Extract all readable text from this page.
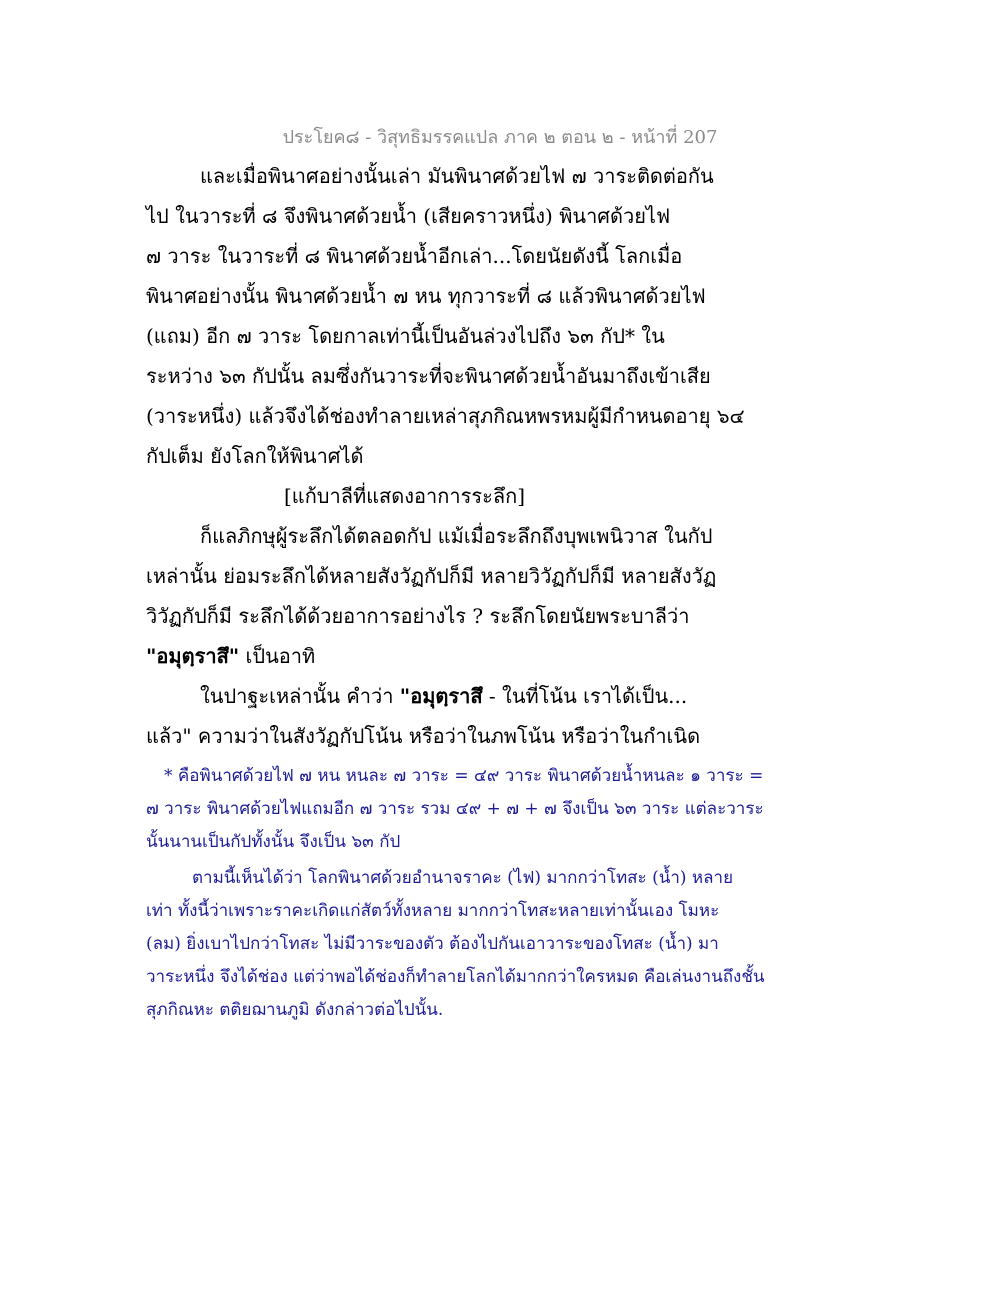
ประโยค๘ - วิสุทธิมรรคแปล ภาค ๒ ตอน ๒ - หน้าที่ 207
และเมื่อพินาศอย่างนั้นเล่า มันพินาศด้วยไฟ ๗ วาระติดต่อกัน
ไป ในวาระที่ ๘ จึงพินาศด้วยน้ำ (เสียคราวหนึ่ง) พินาศด้วยไฟ
๗ วาระ ในวาระที่ ๘ พินาศด้วยน้ำอีกเล่า...โดยนัยดังนี้ โลกเมื่อ
พินาศอย่างนั้น พินาศด้วยน้ำ ๗ หน ทุกวาระที่ ๘ แล้วพินาศด้วยไฟ
(แถม) อีก ๗ วาระ โดยกาลเท่านี้เป็นอันล่วงไปถึง ๖๓ กัป* ใน
ระหว่าง ๖๓ กัปนั้น ลมซึ่งกันวาระที่จะพินาศด้วยน้ำอันมาถึงเข้าเสีย
(วาระหนึ่ง) แล้วจึงได้ช่องทำลายเหล่าสุภกิณหพรหมผู้มีกำหนดอายุ ๖๔
กัปเต็ม ยังโลกให้พินาศได้
[แก้บาลีที่แสดงอาการระลึก]
ก็แลภิกษุผู้ระลึกได้ตลอดกัป แม้เมื่อระลึกถึงบุพเพนิวาส ในกัป
เหล่านั้น ย่อมระลึกได้หลายสังวัฏกัปก็มี หลายวิวัฏกัปก็มี หลายสังวัฏ
วิวัฏกัปก็มี ระลึกได้ด้วยอาการอย่างไร ? ระลึกโดยนัยพระบาลีว่า
"อมุตฺราสึ" เป็นอาทิ
ในปาฐะเหล่านั้น คำว่า "อมุตฺราสึ - ในที่โน้น เราได้เป็น...
แล้ว" ความว่าในสังวัฏกัปโน้น หรือว่าในภพโน้น หรือว่าในกำเนิด
* คือพินาศด้วยไฟ ๗ หน หนละ ๗ วาระ = ๔๙ วาระ พินาศด้วยน้ำหนละ ๑ วาระ =
๗ วาระ พินาศด้วยไฟแถมอีก ๗ วาระ รวม ๔๙ + ๗ + ๗ จึงเป็น ๖๓ วาระ แต่ละวาระ
นั้นนานเป็นกัปทั้งนั้น จึงเป็น ๖๓ กัป
ตามนี้เห็นได้ว่า โลกพินาศด้วยอำนาจราคะ (ไฟ) มากกว่าโทสะ (น้ำ) หลาย
เท่า ทั้งนี้ว่าเพราะราคะเกิดแก่สัตว์ทั้งหลาย มากกว่าโทสะหลายเท่านั้นเอง โมหะ
(ลม) ยิ่งเบาไปกว่าโทสะ ไม่มีวาระของตัว ต้องไปกันเอาวาระของโทสะ (น้ำ) มา
วาระหนึ่ง จึงได้ช่อง แต่ว่าพอได้ช่องก็ทำลายโลกได้มากกว่าใครหมด คือเล่นงานถึงชั้น
สุภกิณหะ ตติยฌานภูมิ ดังกล่าวต่อไปนั้น.
